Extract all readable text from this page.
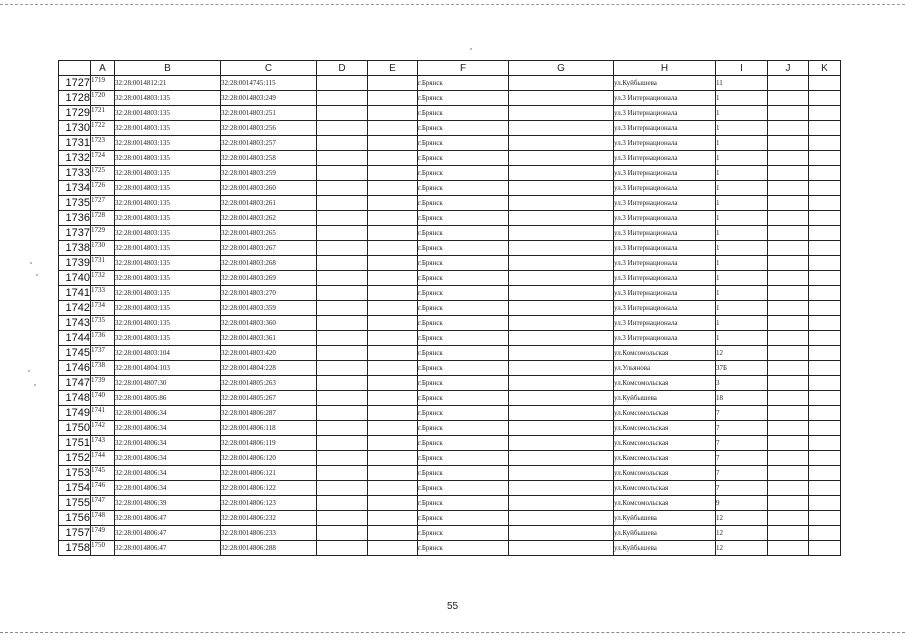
	A	B	C	D	E	F	G	H	I	J	K	
1727	1719	32:28:0014812:21	32:28:0014745:115			г.Брянск		ул.Куйбышева	11			
1728	1720	32:28:0014803:135	32:28:0014803:249			г.Брянск		ул.3 Интернационала	1			
1729	1721	32:28:0014803:135	32:28:0014803:251			г.Брянск		ул.3 Интернационала	1			
1730	1722	32:28:0014803:135	32:28:0014803:256			г.Брянск		ул.3 Интернационала	1			
1731	1723	32:28:0014803:135	32:28:0014803:257			г.Брянск		ул.3 Интернационала	1			
1732	1724	32:28:0014803:135	32:28:0014803:258			г.Брянск		ул.3 Интернационала	1			
1733	1725	32:28:0014803:135	32:28:0014803:259			г.Брянск		ул.3 Интернационала	1			
1734	1726	32:28:0014803:135	32:28:0014803:260			г.Брянск		ул.3 Интернационала	1			
1735	1727	32:28:0014803:135	32:28:0014803:261			г.Брянск		ул.3 Интернационала	1			
1736	1728	32:28:0014803:135	32:28:0014803:262			г.Брянск		ул.3 Интернационала	1			
1737	1729	32:28:0014803:135	32:28:0014803:265			г.Брянск		ул.3 Интернационала	1			
1738	1730	32:28:0014803:135	32:28:0014803:267			г.Брянск		ул.3 Интернационала	1			
1739	1731	32:28:0014803:135	32:28:0014803:268			г.Брянск		ул.3 Интернационала	1			
1740	1732	32:28:0014803:135	32:28:0014803:269			г.Брянск		ул.3 Интернационала	1			
1741	1733	32:28:0014803:135	32:28:0014803:270			г.Брянск		ул.3 Интернационала	1			
1742	1734	32:28:0014803:135	32:28:0014803:359			г.Брянск		ул.3 Интернационала	1			
1743	1735	32:28:0014803:135	32:28:0014803:360			г.Брянск		ул.3 Интернационала	1			
1744	1736	32:28:0014803:135	32:28:0014803:361			г.Брянск		ул.3 Интернационала	1			
1745	1737	32:28:0014803:104	32:28:0014803:420			г.Брянск		ул.Комсомольская	12			
1746	1738	32:28:0014804:103	32:28:0014804:228			г.Брянск		ул.Ульянова	37Б			
1747	1739	32:28:0014807:30	32:28:0014805:263			г.Брянск		ул.Комсомольская	3			
1748	1740	32:28:0014805:86	32:28:0014805:267			г.Брянск		ул.Куйбышева	18			
1749	1741	32:28:0014806:34	32:28:0014806:287			г.Брянск		ул.Комсомольская	7			
1750	1742	32:28:0014806:34	32:28:0014806:118			г.Брянск		ул.Комсомольская	7			
1751	1743	32:28:0014806:34	32:28:0014806:119			г.Брянск		ул.Комсомольская	7			
1752	1744	32:28:0014806:34	32:28:0014806:120			г.Брянск		ул.Комсомольская	7			
1753	1745	32:28:0014806:34	32:28:0014806:121			г.Брянск		ул.Комсомольская	7			
1754	1746	32:28:0014806:34	32:28:0014806:122			г.Брянск		ул.Комсомольская	7			
1755	1747	32:28:0014806:39	32:28:0014806:123			г.Брянск		ул.Комсомольская	9			
1756	1748	32:28:0014806:47	32:28:0014806:232			г.Брянск		ул.Куйбышева	12			
1757	1749	32:28:0014806:47	32:28:0014806:233			г.Брянск		ул.Куйбышева	12			
1758	1750	32:28:0014806:47	32:28:0014806:288			г.Брянск		ул.Куйбышева	12			
55
